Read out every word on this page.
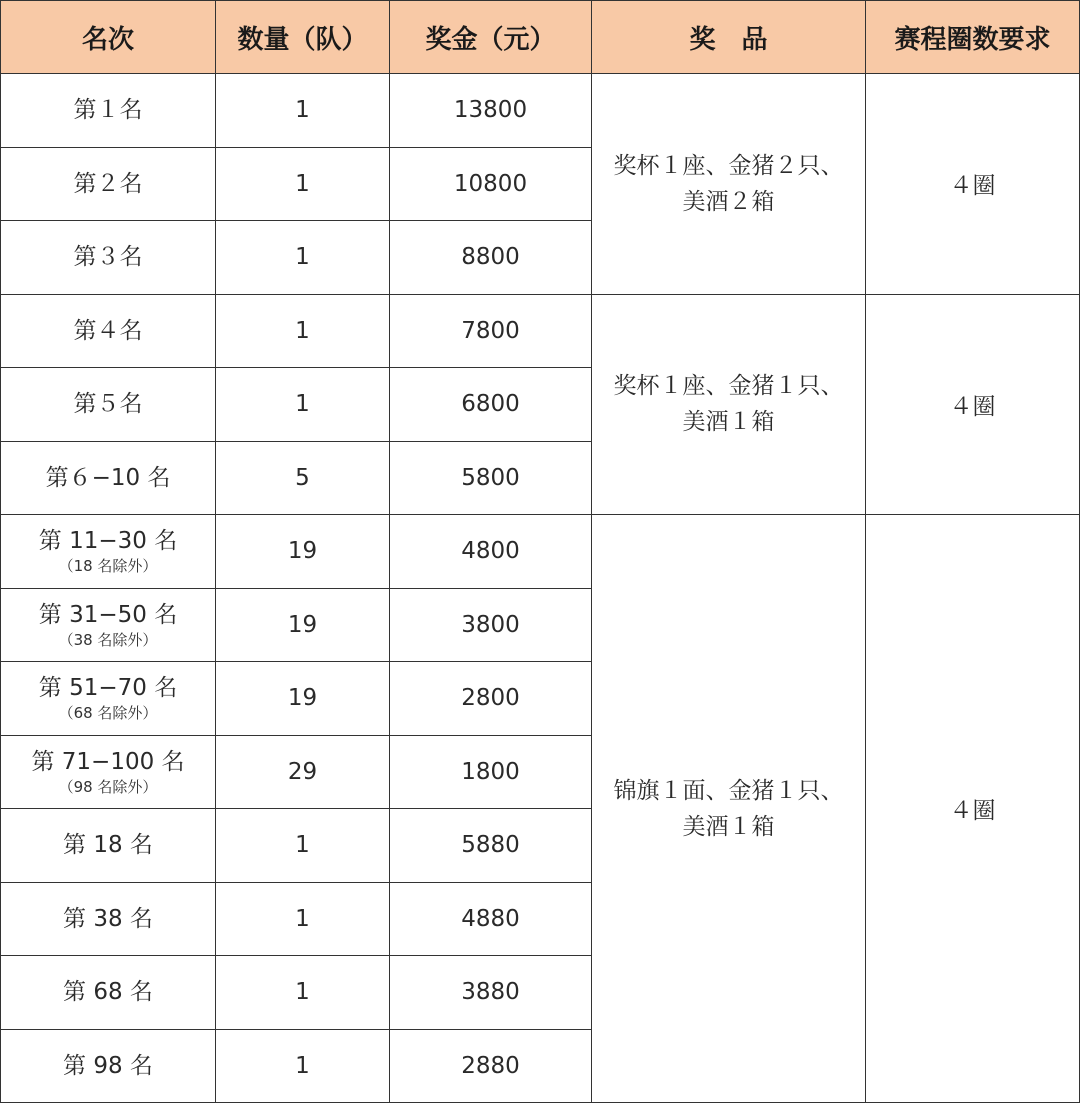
名次	数量（队）	奖金（元）	奖　品	赛程圈数要求

第１名	1	13800	奖杯１座、金猪２只、
美酒２箱	４圈

第２名	1	10800		

第３名	1	8800		

第４名	1	7800	奖杯１座、金猪１只、
美酒１箱	４圈

第５名	1	6800		

第６−10 名	5	5800		

第 11−30 名
（18 名除外）	19	4800	锦旗１面、金猪１只、
美酒１箱	４圈

第 31−50 名
（38 名除外）	19	3800		

第 51−70 名
（68 名除外）	19	2800		

第 71−100 名
（98 名除外）	29	1800		

第 18 名	1	5880		

第 38 名	1	4880		

第 68 名	1	3880		

第 98 名	1	2880		
